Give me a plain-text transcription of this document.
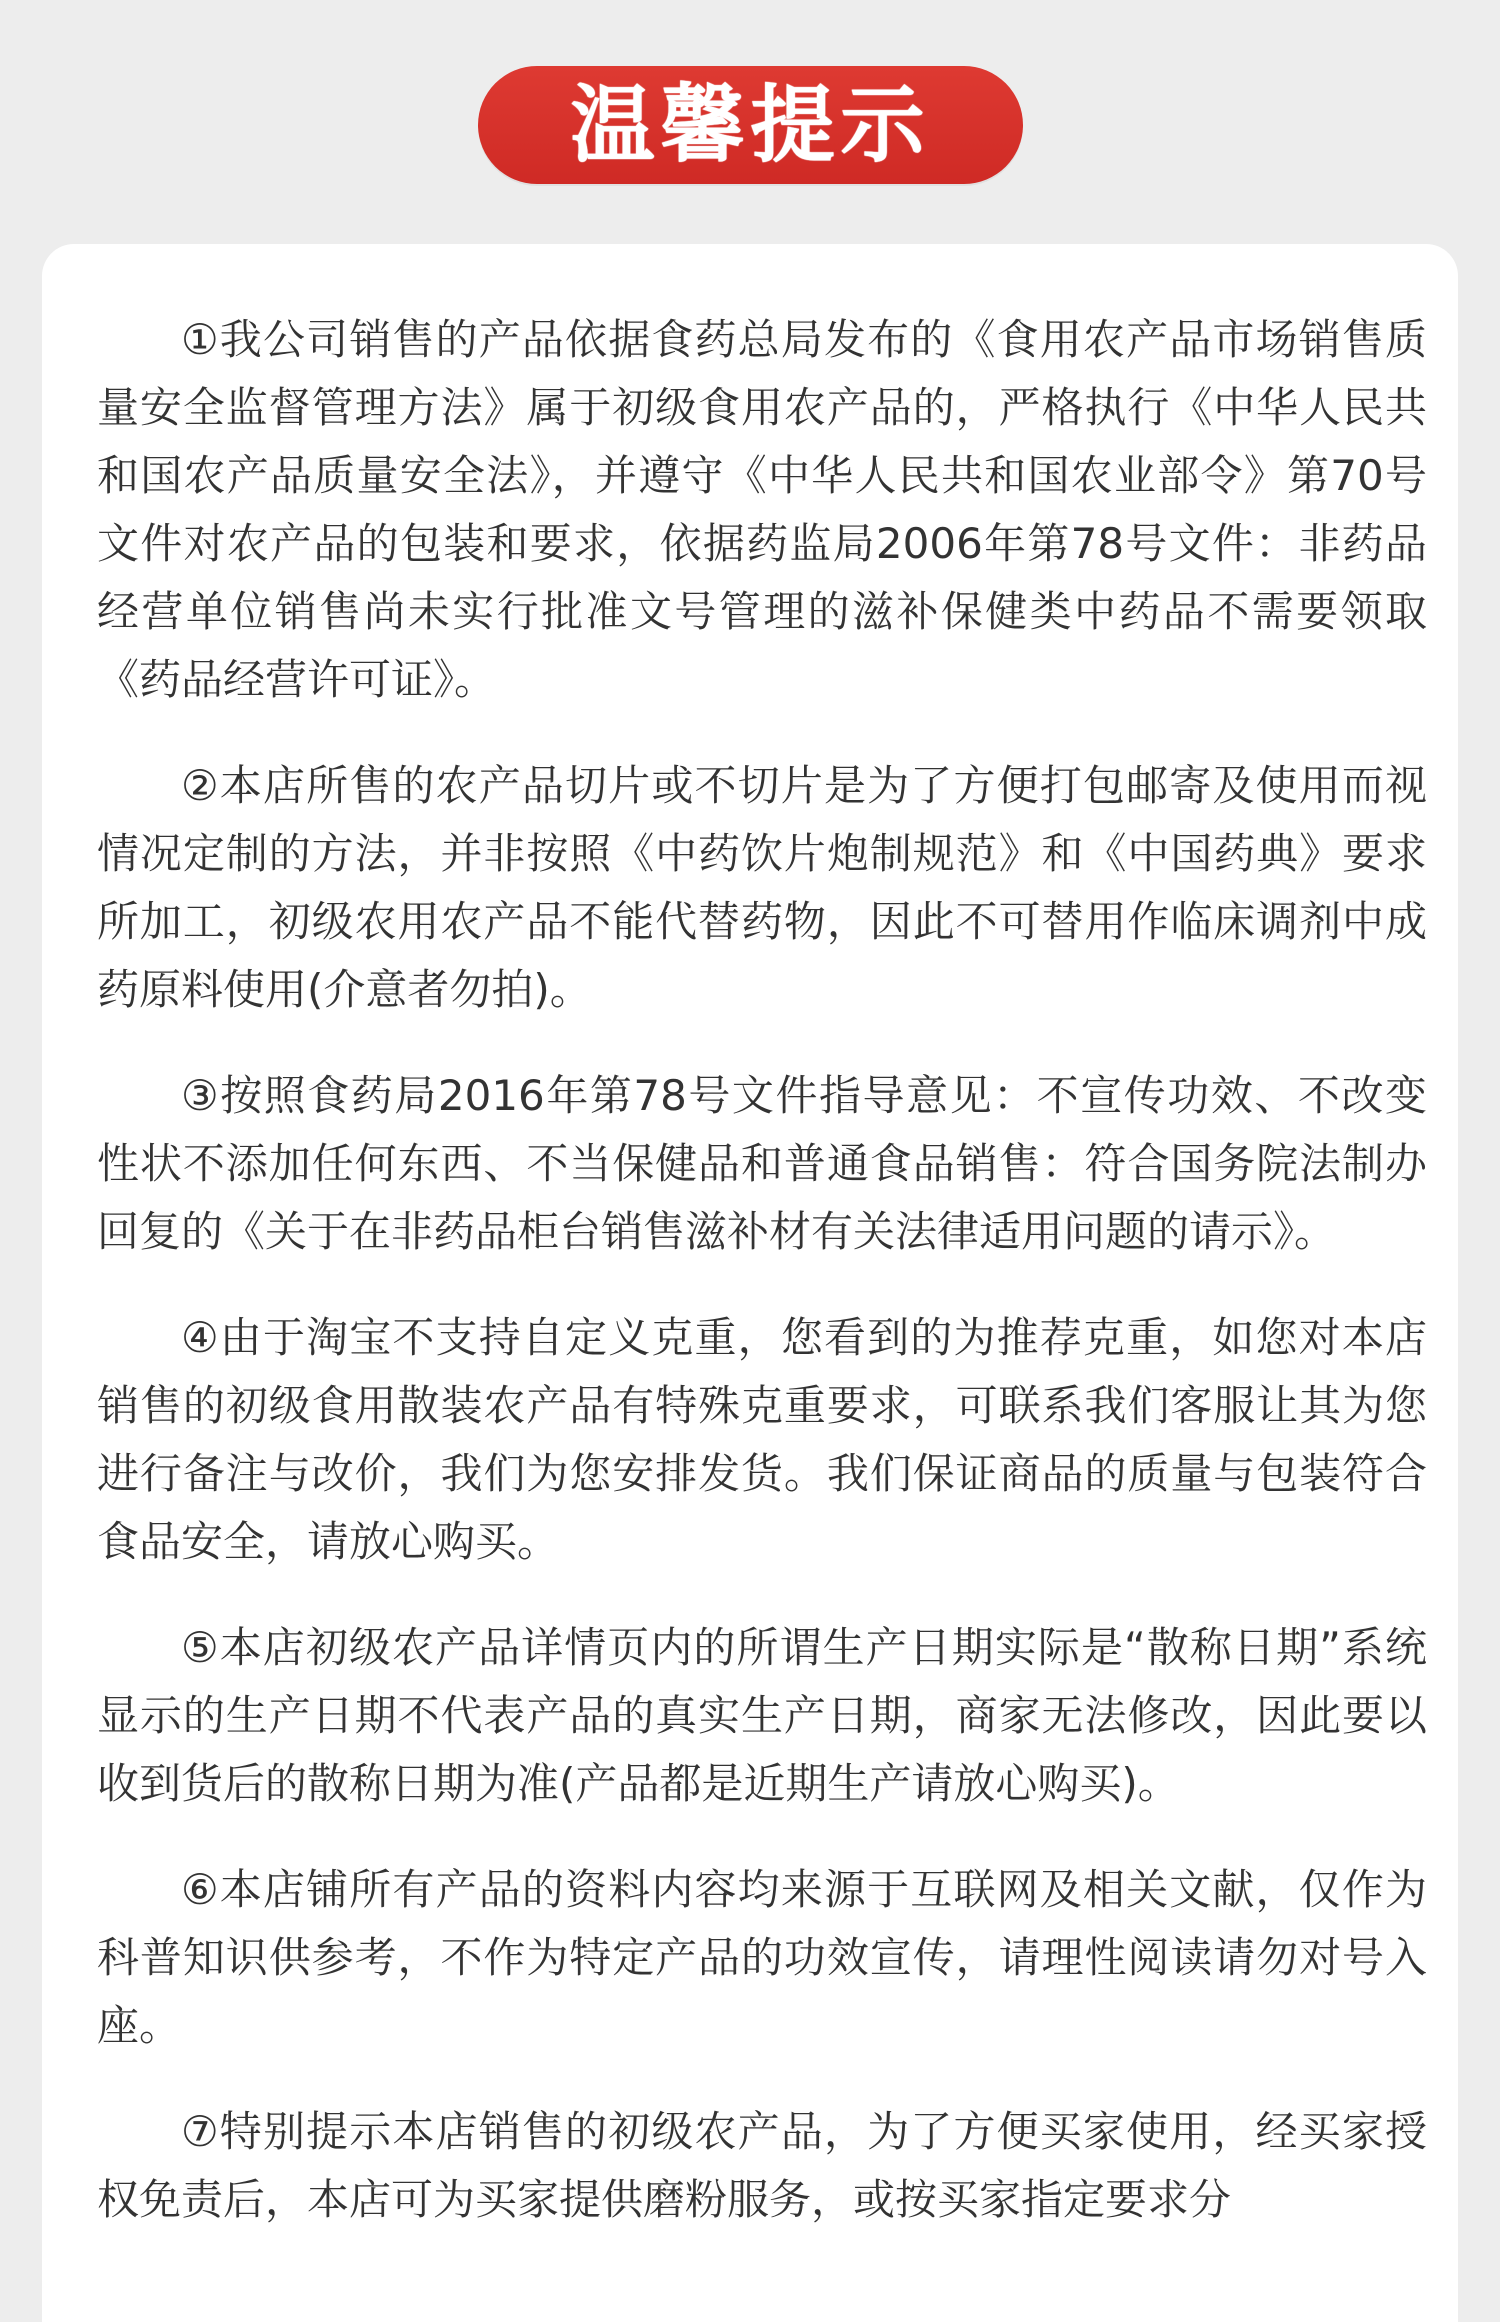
温馨提示

①我公司销售的产品依据食药总局发布的《食用农产品市场销售质量安全监督管理方法》属于初级食用农产品的，严格执行《中华人民共和国农产品质量安全法》，并遵守《中华人民共和国农业部令》第70号文件对农产品的包装和要求，依据药监局2006年第78号文件：非药品经营单位销售尚未实行批准文号管理的滋补保健类中药品不需要领取《药品经营许可证》。

②本店所售的农产品切片或不切片是为了方便打包邮寄及使用而视情况定制的方法，并非按照《中药饮片炮制规范》和《中国药典》要求所加工，初级农用农产品不能代替药物，因此不可替用作临床调剂中成药原料使用(介意者勿拍)。

③按照食药局2016年第78号文件指导意见：不宣传功效、不改变性状不添加任何东西、不当保健品和普通食品销售：符合国务院法制办回复的《关于在非药品柜台销售滋补材有关法律适用问题的请示》。

④由于淘宝不支持自定义克重，您看到的为推荐克重，如您对本店销售的初级食用散装农产品有特殊克重要求，可联系我们客服让其为您进行备注与改价，我们为您安排发货。我们保证商品的质量与包装符合食品安全，请放心购买。

⑤本店初级农产品详情页内的所谓生产日期实际是“散称日期”系统显示的生产日期不代表产品的真实生产日期，商家无法修改，因此要以收到货后的散称日期为准(产品都是近期生产请放心购买)。

⑥本店铺所有产品的资料内容均来源于互联网及相关文献，仅作为科普知识供参考，不作为特定产品的功效宣传，请理性阅读请勿对号入座。

⑦特别提示本店销售的初级农产品，为了方便买家使用，经买家授权免责后，本店可为买家提供磨粉服务，或按买家指定要求分
